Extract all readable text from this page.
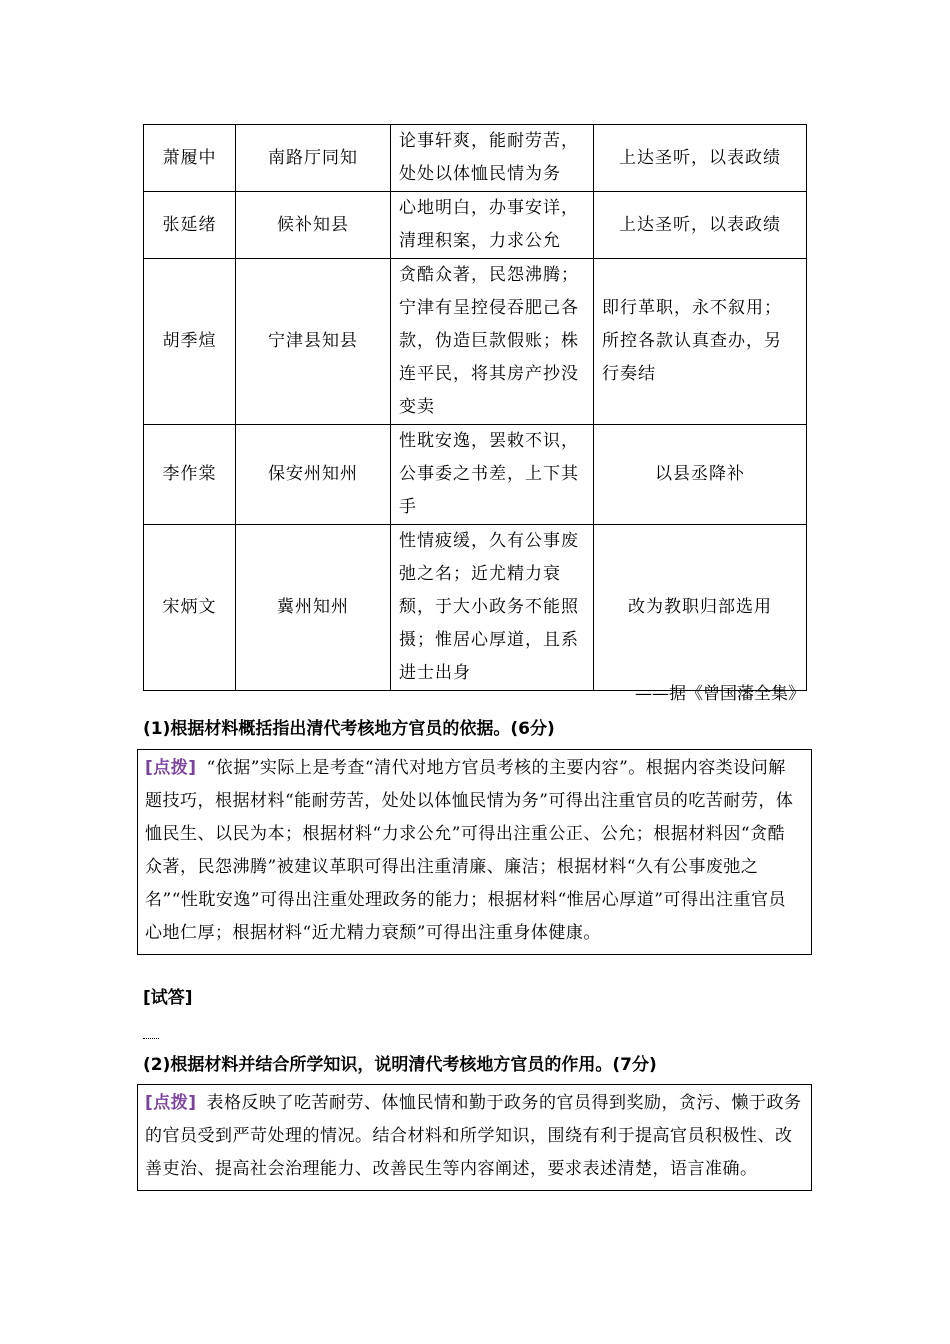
萧履中	南路厅同知	论事轩爽，能耐劳苦，处处以体恤民情为务	上达圣听，以表政绩
张延绪	候补知县	心地明白，办事安详，清理积案，力求公允	上达圣听，以表政绩
胡季煊	宁津县知县	贪酷众著，民怨沸腾；宁津有呈控侵吞肥己各款，伪造巨款假账；株连平民，将其房产抄没变卖	即行革职，永不叙用；所控各款认真查办，另行奏结
李作棠	保安州知州	性耽安逸，罢敕不识，公事委之书差，上下其手	以县丞降补
宋炳文	冀州知州	性情疲缓，久有公事废弛之名；近尤精力衰颓，于大小政务不能照摄；惟居心厚道，且系进士出身	改为教职归部选用
——据《曾国藩全集》
(1)根据材料概括指出清代考核地方官员的依据。(6分)
[点拨] “依据”实际上是考查“清代对地方官员考核的主要内容”。根据内容类设问解题技巧，根据材料“能耐劳苦，处处以体恤民情为务”可得出注重官员的吃苦耐劳，体恤民生、以民为本；根据材料“力求公允”可得出注重公正、公允；根据材料因“贪酷众著，民怨沸腾”被建议革职可得出注重清廉、廉洁；根据材料“久有公事废弛之名”“性耽安逸”可得出注重处理政务的能力；根据材料“惟居心厚道”可得出注重官员心地仁厚；根据材料“近尤精力衰颓”可得出注重身体健康。
[试答]
(2)根据材料并结合所学知识，说明清代考核地方官员的作用。(7分)
[点拨] 表格反映了吃苦耐劳、体恤民情和勤于政务的官员得到奖励，贪污、懒于政务的官员受到严苛处理的情况。结合材料和所学知识，围绕有利于提高官员积极性、改善吏治、提高社会治理能力、改善民生等内容阐述，要求表述清楚，语言准确。
